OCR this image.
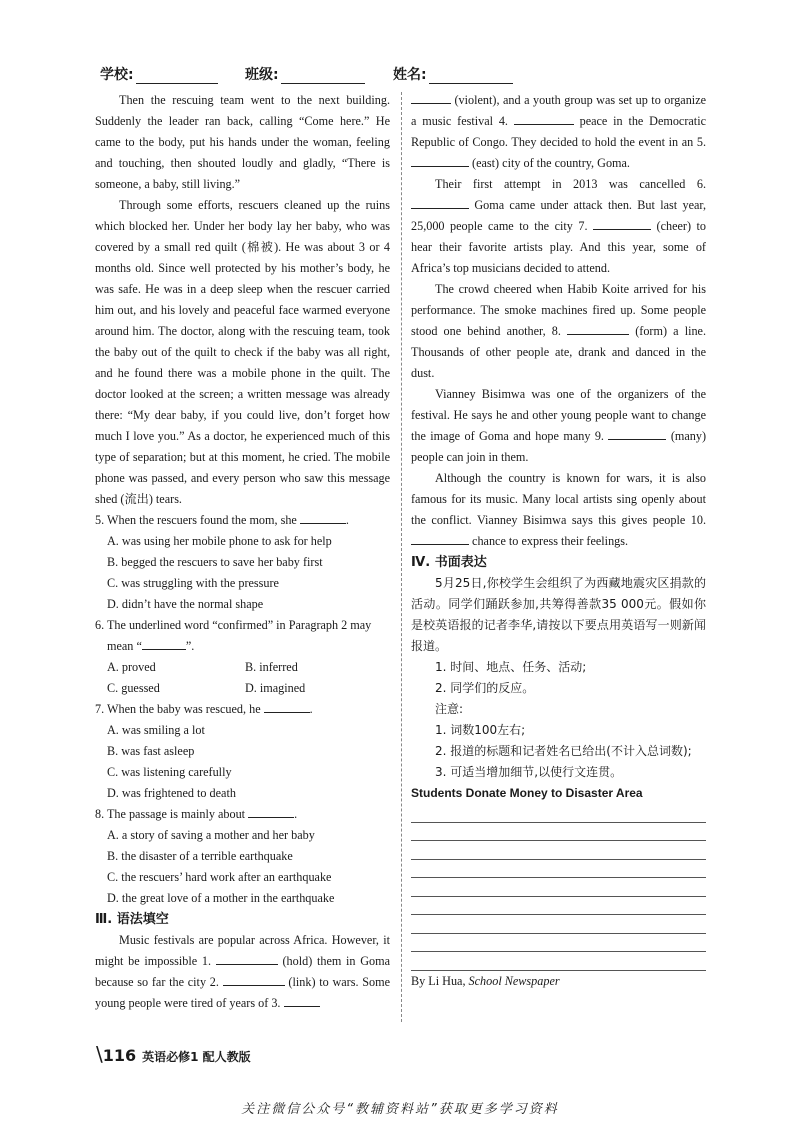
学校:	班级:	姓名:

Then the rescuing team went to the next building. Suddenly the leader ran back, calling “Come here.” He came to the body, put his hands under the woman, feeling and touching, then shouted loudly and gladly, “There is someone, a baby, still living.”

Through some efforts, rescuers cleaned up the ruins which blocked her. Under her body lay her baby, who was covered by a small red quilt (棉被). He was about 3 or 4 months old. Since well protected by his mother’s body, he was safe. He was in a deep sleep when the rescuer carried him out, and his lovely and peaceful face warmed everyone around him. The doctor, along with the rescuing team, took the baby out of the quilt to check if the baby was all right, and he found there was a mobile phone in the quilt. The doctor looked at the screen; a written message was already there: “My dear baby, if you could live, don’t forget how much I love you.” As a doctor, he experienced much of this type of separation; but at this moment, he cried. The mobile phone was passed, and every person who saw this message shed (流出) tears.

5. When the rescuers found the mom, she	.

A. was using her mobile phone to ask for help

B. begged the rescuers to save her baby first

C. was struggling with the pressure

D. didn’t have the normal shape

6. The underlined word “confirmed” in Paragraph 2 may

mean “	”.

A. proved	B. inferred
C. guessed	D. imagined

7. When the baby was rescued, he	.

A. was smiling a lot

B. was fast asleep

C. was listening carefully

D. was frightened to death

8. The passage is mainly about	.

A. a story of saving a mother and her baby

B. the disaster of a terrible earthquake

C. the rescuers’ hard work after an earthquake

D. the great love of a mother in the earthquake

Ⅲ. 语法填空

Music festivals are popular across Africa. However, it might be impossible 1.	(hold) them in Goma because so far the city 2.	(link) to wars. Some young people were tired of years of 3.

(violent), and a youth group was set up to organize a music festival 4.	peace in the Democratic Republic of Congo. They decided to hold the event in an 5.  (east) city of the country, Goma.

Their first attempt in 2013 was cancelled 6.  Goma came under attack then. But last year, 25,000 people came to the city 7.	(cheer) to hear their favorite artists play. And this year, some of Africa’s top musicians decided to attend.

The crowd cheered when Habib Koite arrived for his performance. The smoke machines fired up. Some people stood one behind another, 8.	(form) a line. Thousands of other people ate, drank and danced in the dust.

Vianney Bisimwa was one of the organizers of the festival. He says he and other young people want to change the image of Goma and hope many 9.	(many) people can join in them.

Although the country is known for wars, it is also famous for its music. Many local artists sing openly about the conflict. Vianney Bisimwa says this gives people 10.  chance to express their feelings.

Ⅳ. 书面表达

5月25日,你校学生会组织了为西藏地震灾区捐款的活动。同学们踊跃参加,共筹得善款35 000元。假如你是校英语报的记者李华,请按以下要点用英语写一则新闻报道。

1. 时间、地点、任务、活动;

2. 同学们的反应。

注意:

1. 词数100左右;

2. 报道的标题和记者姓名已给出(不计入总词数);

3. 可适当增加细节,以使行文连贯。

Students Donate Money to Disaster Area

By Li Hua, School Newspaper

\116 英语必修1 配人教版
关注微信公众号“教辅资料站”获取更多学习资料
